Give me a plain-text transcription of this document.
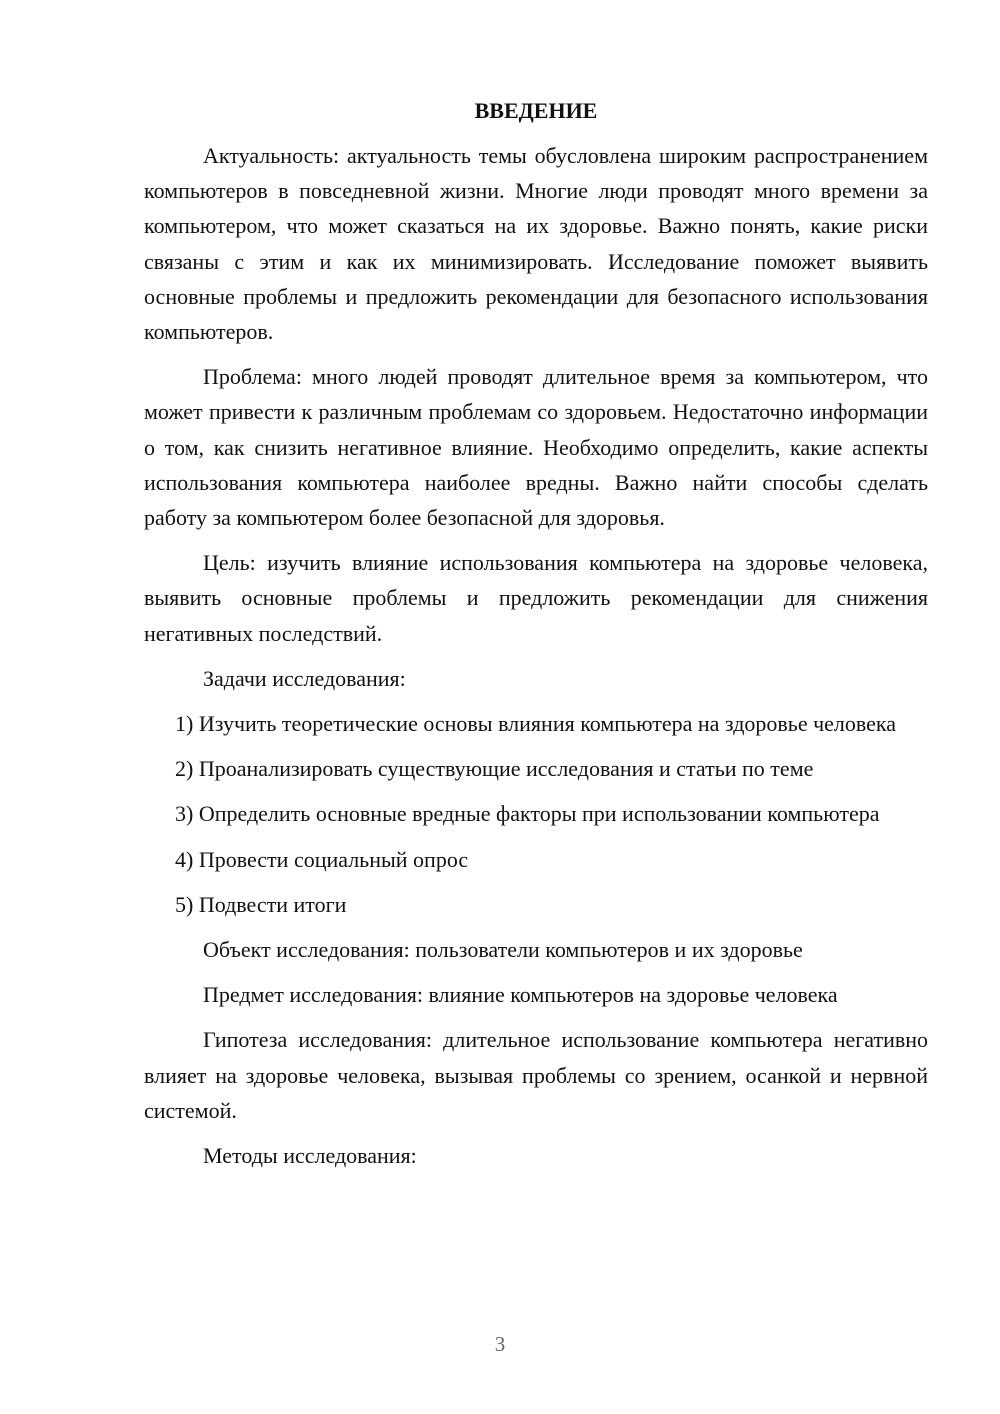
ВВЕДЕНИЕ

Актуальность: актуальность темы обусловлена широким распространением компьютеров в повседневной жизни. Многие люди проводят много времени за компьютером, что может сказаться на их здоровье. Важно понять, какие риски связаны с этим и как их минимизировать. Исследование поможет выявить основные проблемы и предложить рекомендации для безопасного использования компьютеров.

Проблема: много людей проводят длительное время за компьютером, что может привести к различным проблемам со здоровьем. Недостаточно информации о том, как снизить негативное влияние. Необходимо определить, какие аспекты использования компьютера наиболее вредны. Важно найти способы сделать работу за компьютером более безопасной для здоровья.

Цель: изучить влияние использования компьютера на здоровье человека, выявить основные проблемы и предложить рекомендации для снижения негативных последствий.

Задачи исследования:

1) Изучить теоретические основы влияния компьютера на здоровье человека

2) Проанализировать существующие исследования и статьи по теме

3) Определить основные вредные факторы при использовании компьютера

4) Провести социальный опрос

5) Подвести итоги

Объект исследования: пользователи компьютеров и их здоровье

Предмет исследования: влияние компьютеров на здоровье человека

Гипотеза исследования: длительное использование компьютера негативно влияет на здоровье человека, вызывая проблемы со зрением, осанкой и нервной системой.

Методы исследования:

3
